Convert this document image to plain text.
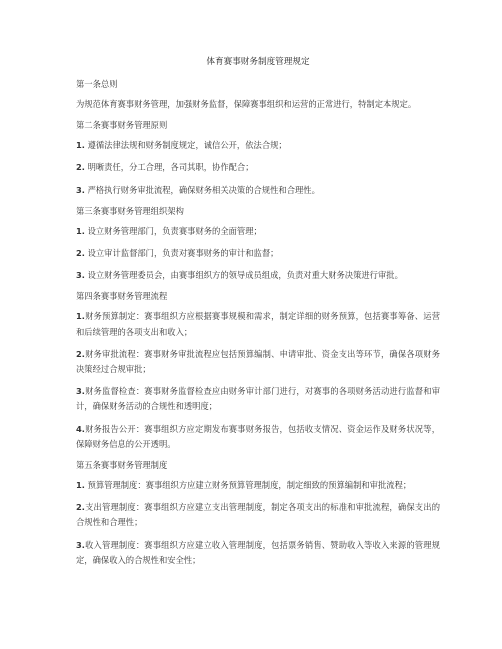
体育赛事财务制度管理规定
第一条总则
为规范体育赛事财务管理，加强财务监督，保障赛事组织和运营的正常进行，特制定本规定。
第二条赛事财务管理原则
1. 遵循法律法规和财务制度规定，诚信公开，依法合规；
2. 明晰责任，分工合理，各司其职，协作配合；
3. 严格执行财务审批流程，确保财务相关决策的合规性和合理性。
第三条赛事财务管理组织架构
1. 设立财务管理部门，负责赛事财务的全面管理；
2. 设立审计监督部门，负责对赛事财务的审计和监督；
3. 设立财务管理委员会，由赛事组织方的领导成员组成，负责对重大财务决策进行审批。
第四条赛事财务管理流程
1.财务预算制定：赛事组织方应根据赛事规模和需求，制定详细的财务预算，包括赛事筹备、运营和后续管理的各项支出和收入；
2.财务审批流程：赛事财务审批流程应包括预算编制、申请审批、资金支出等环节，确保各项财务决策经过合规审批；
3.财务监督检查：赛事财务监督检查应由财务审计部门进行，对赛事的各项财务活动进行监督和审计，确保财务活动的合规性和透明度；
4.财务报告公开：赛事组织方应定期发布赛事财务报告，包括收支情况、资金运作及财务状况等，保障财务信息的公开透明。
第五条赛事财务管理制度
1. 预算管理制度：赛事组织方应建立财务预算管理制度，制定细致的预算编制和审批流程；
2.支出管理制度：赛事组织方应建立支出管理制度，制定各项支出的标准和审批流程，确保支出的合规性和合理性；
3.收入管理制度：赛事组织方应建立收入管理制度，包括票务销售、赞助收入等收入来源的管理规定，确保收入的合规性和安全性；
